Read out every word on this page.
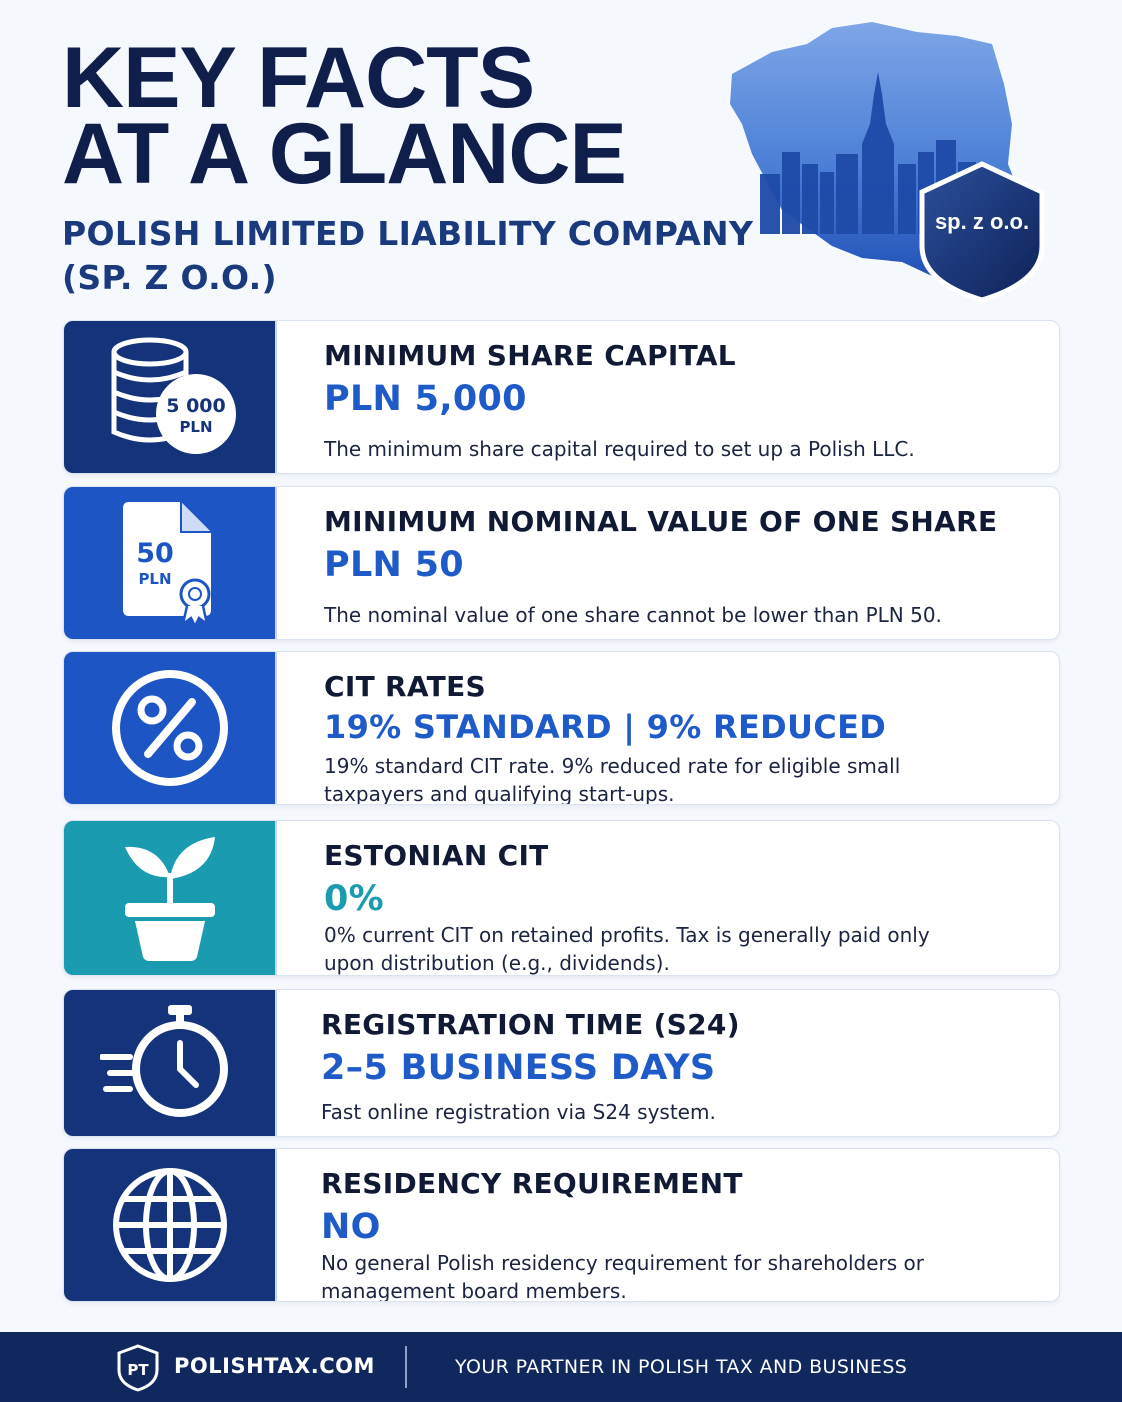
KEY FACTS
AT A GLANCE
POLISH LIMITED LIABILITY COMPANY
(SP. Z O.O.)
sp. z o.o.
5 000
PLN
MINIMUM SHARE CAPITAL
PLN 5,000
The minimum share capital required to set up a Polish LLC.
50
PLN
MINIMUM NOMINAL VALUE OF ONE SHARE
PLN 50
The nominal value of one share cannot be lower than PLN 50.
CIT RATES
19% STANDARD | 9% REDUCED
19% standard CIT rate. 9% reduced rate for eligible small taxpayers and qualifying start-ups.
ESTONIAN CIT
0%
0% current CIT on retained profits. Tax is generally paid only upon distribution (e.g., dividends).
REGISTRATION TIME (S24)
2–5 BUSINESS DAYS
Fast online registration via S24 system.
RESIDENCY REQUIREMENT
NO
No general Polish residency requirement for shareholders or management board members.
PT POLISHTAX.COM	YOUR PARTNER IN POLISH TAX AND BUSINESS
